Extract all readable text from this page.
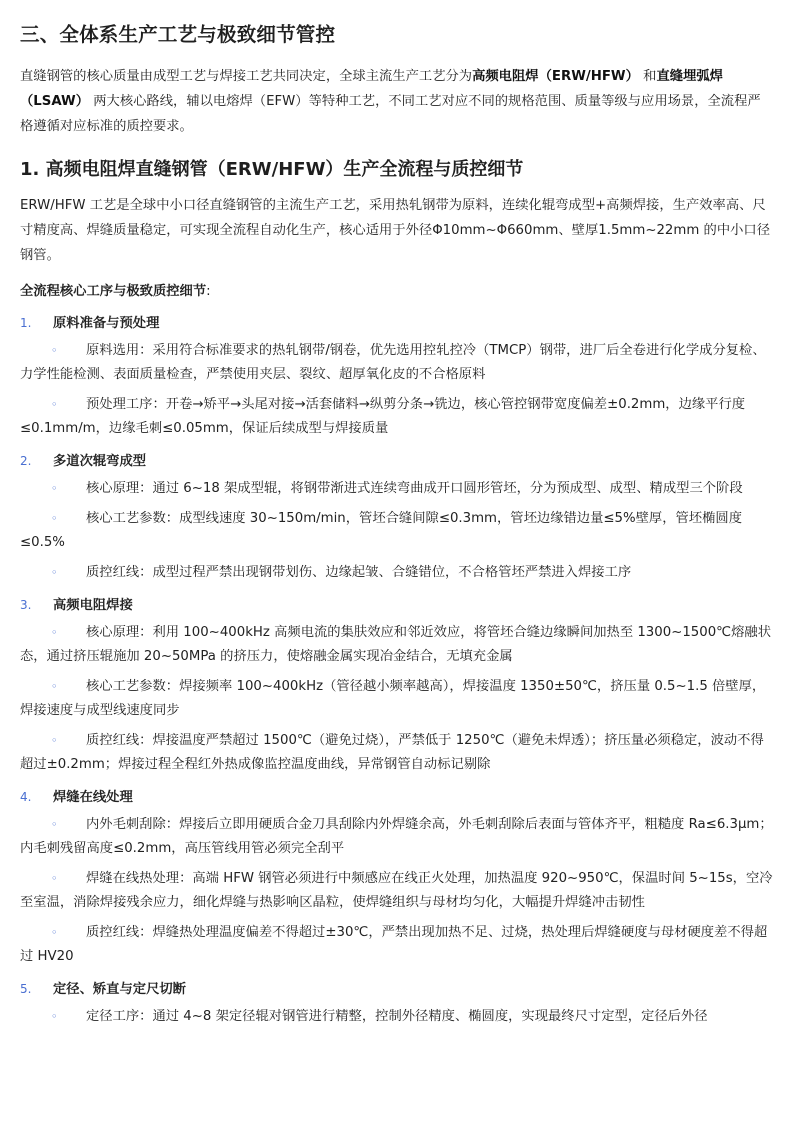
三、全体系生产工艺与极致细节管控

直缝钢管的核心质量由成型工艺与焊接工艺共同决定，全球主流生产工艺分为高频电阻焊（ERW/HFW） 和直缝埋弧焊（LSAW） 两大核心路线，辅以电熔焊（EFW）等特种工艺，不同工艺对应不同的规格范围、质量等级与应用场景，全流程严格遵循对应标准的质控要求。

1. 高频电阻焊直缝钢管（ERW/HFW）生产全流程与质控细节

ERW/HFW 工艺是全球中小口径直缝钢管的主流生产工艺，采用热轧钢带为原料，连续化辊弯成型+高频焊接，生产效率高、尺寸精度高、焊缝质量稳定，可实现全流程自动化生产，核心适用于外径Φ10mm~Φ660mm、壁厚1.5mm~22mm 的中小口径钢管。

全流程核心工序与极致质控细节:
1.	原料准备与预处理
◦ 原料选用：采用符合标准要求的热轧钢带/钢卷，优先选用控轧控冷（TMCP）钢带，进厂后全卷进行化学成分复检、力学性能检测、表面质量检查，严禁使用夹层、裂纹、超厚氧化皮的不合格原料
◦ 预处理工序：开卷→矫平→头尾对接→活套储料→纵剪分条→铣边，核心管控钢带宽度偏差±0.2mm，边缘平行度≤0.1mm/m，边缘毛刺≤0.05mm，保证后续成型与焊接质量
2.	多道次辊弯成型
◦ 核心原理：通过 6~18 架成型辊，将钢带渐进式连续弯曲成开口圆形管坯，分为预成型、成型、精成型三个阶段
◦ 核心工艺参数：成型线速度 30~150m/min，管坯合缝间隙≤0.3mm，管坯边缘错边量≤5%壁厚，管坯椭圆度≤0.5%
◦ 质控红线：成型过程严禁出现钢带划伤、边缘起皱、合缝错位，不合格管坯严禁进入焊接工序
3.	高频电阻焊接
◦ 核心原理：利用 100~400kHz 高频电流的集肤效应和邻近效应，将管坯合缝边缘瞬间加热至 1300~1500℃熔融状态，通过挤压辊施加 20~50MPa 的挤压力，使熔融金属实现冶金结合，无填充金属
◦ 核心工艺参数：焊接频率 100~400kHz（管径越小频率越高），焊接温度 1350±50℃，挤压量 0.5~1.5 倍壁厚，焊接速度与成型线速度同步
◦ 质控红线：焊接温度严禁超过 1500℃（避免过烧），严禁低于 1250℃（避免未焊透）；挤压量必须稳定，波动不得超过±0.2mm；焊接过程全程红外热成像监控温度曲线，异常钢管自动标记剔除
4.	焊缝在线处理
◦ 内外毛刺刮除：焊接后立即用硬质合金刀具刮除内外焊缝余高，外毛刺刮除后表面与管体齐平，粗糙度 Ra≤6.3μm；内毛刺残留高度≤0.2mm，高压管线用管必须完全刮平
◦ 焊缝在线热处理：高端 HFW 钢管必须进行中频感应在线正火处理，加热温度 920~950℃，保温时间 5~15s，空冷至室温，消除焊接残余应力，细化焊缝与热影响区晶粒，使焊缝组织与母材均匀化，大幅提升焊缝冲击韧性
◦ 质控红线：焊缝热处理温度偏差不得超过±30℃，严禁出现加热不足、过烧，热处理后焊缝硬度与母材硬度差不得超过 HV20
5.	定径、矫直与定尺切断
◦ 定径工序：通过 4~8 架定径辊对钢管进行精整，控制外径精度、椭圆度，实现最终尺寸定型，定径后外径
